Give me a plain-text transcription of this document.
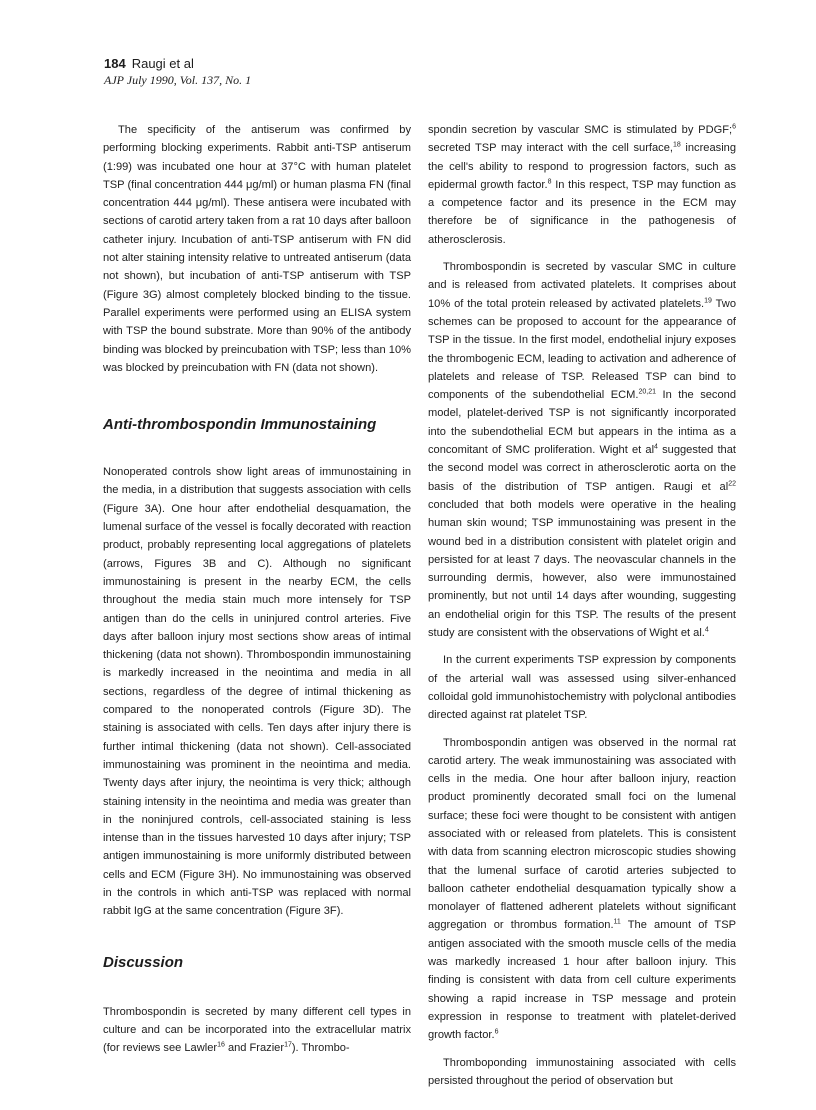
184 Raugi et al
AJP July 1990, Vol. 137, No. 1

The specificity of the antiserum was confirmed by performing blocking experiments. Rabbit anti-TSP antiserum (1:99) was incubated one hour at 37°C with human platelet TSP (final concentration 444 μg/ml) or human plasma FN (final concentration 444 μg/ml). These antisera were incubated with sections of carotid artery taken from a rat 10 days after balloon catheter injury. Incubation of anti-TSP antiserum with FN did not alter staining intensity relative to untreated antiserum (data not shown), but incubation of anti-TSP antiserum with TSP (Figure 3G) almost completely blocked binding to the tissue. Parallel experiments were performed using an ELISA system with TSP the bound substrate. More than 90% of the antibody binding was blocked by preincubation with TSP; less than 10% was blocked by preincubation with FN (data not shown).

Anti-thrombospondin Immunostaining

Nonoperated controls show light areas of immunostaining in the media, in a distribution that suggests association with cells (Figure 3A). One hour after endothelial desquamation, the lumenal surface of the vessel is focally decorated with reaction product, probably representing local aggregations of platelets (arrows, Figures 3B and C). Although no significant immunostaining is present in the nearby ECM, the cells throughout the media stain much more intensely for TSP antigen than do the cells in uninjured control arteries. Five days after balloon injury most sections show areas of intimal thickening (data not shown). Thrombospondin immunostaining is markedly increased in the neointima and media in all sections, regardless of the degree of intimal thickening as compared to the nonoperated controls (Figure 3D). The staining is associated with cells. Ten days after injury there is further intimal thickening (data not shown). Cell-associated immunostaining was prominent in the neointima and media. Twenty days after injury, the neointima is very thick; although staining intensity in the neointima and media was greater than in the noninjured controls, cell-associated staining is less intense than in the tissues harvested 10 days after injury; TSP antigen immunostaining is more uniformly distributed between cells and ECM (Figure 3H). No immunostaining was observed in the controls in which anti-TSP was replaced with normal rabbit IgG at the same concentration (Figure 3F).

Discussion

Thrombospondin is secreted by many different cell types in culture and can be incorporated into the extracellular matrix (for reviews see Lawler$^{16}$ and Frazier$^{17}$). Thrombo-

spondin secretion by vascular SMC is stimulated by PDGF;$^6$ secreted TSP may interact with the cell surface,$^{18}$ increasing the cell's ability to respond to progression factors, such as epidermal growth factor.$^8$ In this respect, TSP may function as a competence factor and its presence in the ECM may therefore be of significance in the pathogenesis of atherosclerosis.

Thrombospondin is secreted by vascular SMC in culture and is released from activated platelets. It comprises about 10% of the total protein released by activated platelets.$^{19}$ Two schemes can be proposed to account for the appearance of TSP in the tissue. In the first model, endothelial injury exposes the thrombogenic ECM, leading to activation and adherence of platelets and release of TSP. Released TSP can bind to components of the subendothelial ECM.$^{20,21}$ In the second model, platelet-derived TSP is not significantly incorporated into the subendothelial ECM but appears in the intima as a concomitant of SMC proliferation. Wight et $al^4$ suggested that the second model was correct in atherosclerotic aorta on the basis of the distribution of TSP antigen. Raugi et $al^{22}$ concluded that both models were operative in the healing human skin wound; TSP immunostaining was present in the wound bed in a distribution consistent with platelet origin and persisted for at least 7 days. The neovascular channels in the surrounding dermis, however, also were immunostained prominently, but not until 14 days after wounding, suggesting an endothelial origin for this TSP. The results of the present study are consistent with the observations of Wight et al.$^4$

In the current experiments TSP expression by components of the arterial wall was assessed using silver-enhanced colloidal gold immunohistochemistry with polyclonal antibodies directed against rat platelet TSP.

Thrombospondin antigen was observed in the normal rat carotid artery. The weak immunostaining was associated with cells in the media. One hour after balloon injury, reaction product prominently decorated small foci on the lumenal surface; these foci were thought to be consistent with antigen associated with or released from platelets. This is consistent with data from scanning electron microscopic studies showing that the lumenal surface of carotid arteries subjected to balloon catheter endothelial desquamation typically show a monolayer of flattened adherent platelets without significant aggregation or thrombus formation.$^{11}$ The amount of TSP antigen associated with the smooth muscle cells of the media was markedly increased 1 hour after balloon injury. This finding is consistent with data from cell culture experiments showing a rapid increase in TSP message and protein expression in response to treatment with platelet-derived growth factor.$^6$

Thromboponding immunostaining associated with cells persisted throughout the period of observation but
